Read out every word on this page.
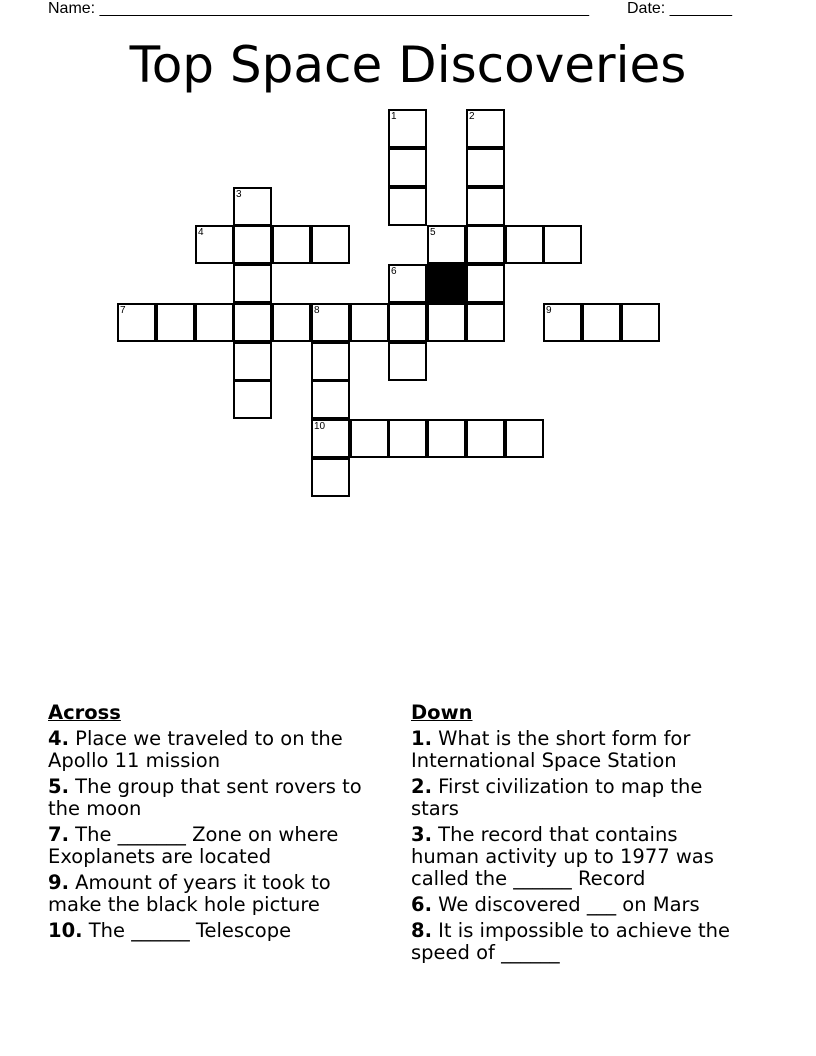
Name: _______________________________________________________ Date: _______
Top Space Discoveries
1	2
3
4	5
6
7	8	9
10
Across
4. Place we traveled to on the Apollo 11 mission
5. The group that sent rovers to the moon
7. The _______ Zone on where Exoplanets are located
9. Amount of years it took to make the black hole picture
10. The ______ Telescope
Down
1. What is the short form for International Space Station
2. First civilization to map the stars
3. The record that contains human activity up to 1977 was called the ______ Record
6. We discovered ___ on Mars
8. It is impossible to achieve the speed of ______
